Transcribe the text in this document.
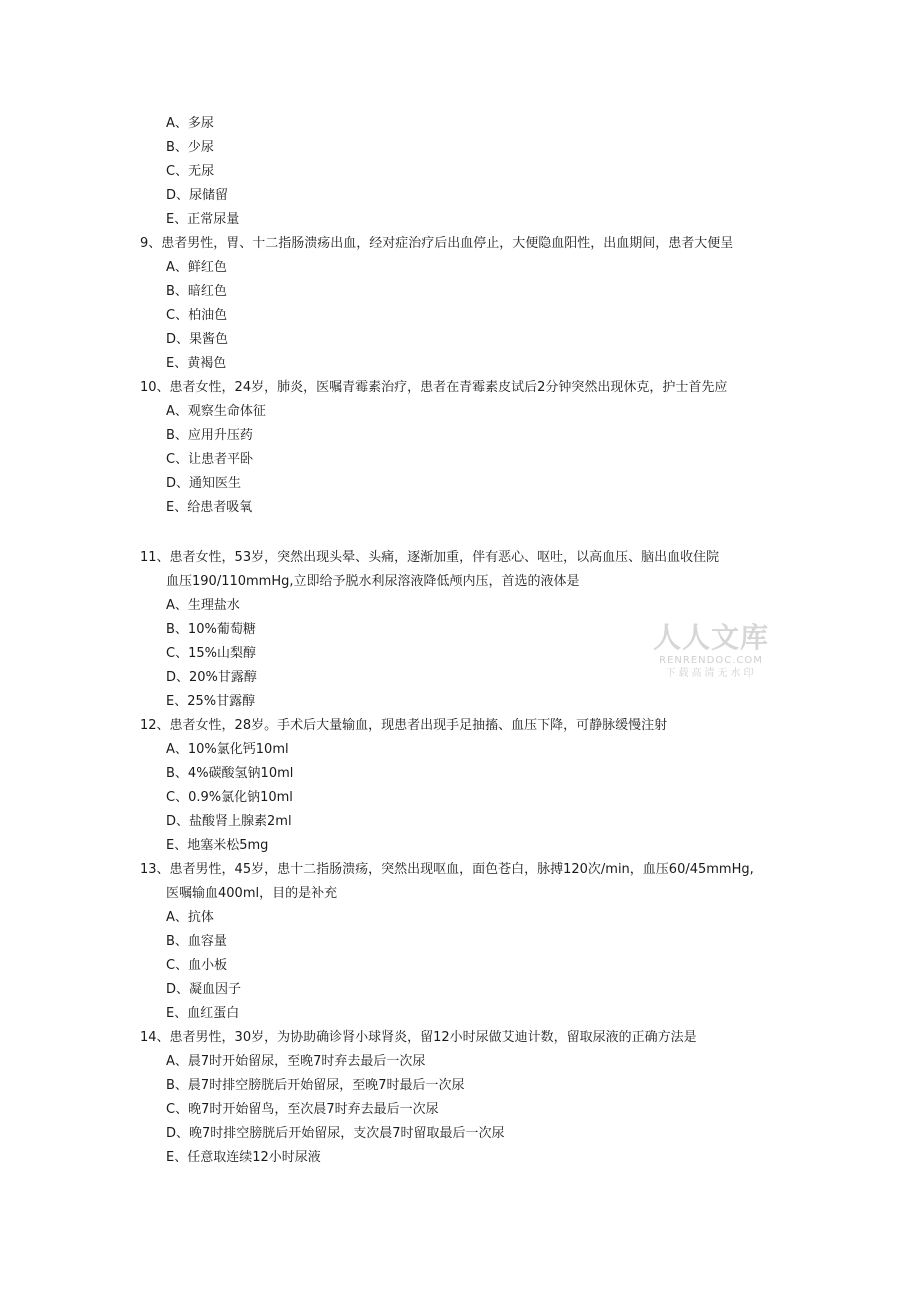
A、多尿
B、少尿
C、无尿
D、尿储留
E、正常尿量
9、患者男性，胃、十二指肠溃疡出血，经对症治疗后出血停止，大便隐血阳性，出血期间，患者大便呈
A、鲜红色
B、暗红色
C、柏油色
D、果酱色
E、黄褐色
10、患者女性，24岁，肺炎，医嘱青霉素治疗，患者在青霉素皮试后2分钟突然出现休克，护士首先应
A、观察生命体征
B、应用升压药
C、让患者平卧
D、通知医生
E、给患者吸氧
11、患者女性，53岁，突然出现头晕、头痛，逐渐加重，伴有恶心、呕吐，以高血压、脑出血收住院
血压190/110mmHg,立即给予脱水利尿溶液降低颅内压，首选的液体是
A、生理盐水
B、10%葡萄糖
C、15%山梨醇
D、20%甘露醇
E、25%甘露醇
12、患者女性，28岁。手术后大量输血，现患者出现手足抽搐、血压下降，可静脉缓慢注射
A、10%氯化钙10ml
B、4%碳酸氢钠10ml
C、0.9%氯化钠10ml
D、盐酸肾上腺素2ml
E、地塞米松5mg
13、患者男性，45岁，患十二指肠溃疡，突然出现呕血，面色苍白，脉搏120次/min，血压60/45mmHg,
医嘱输血400ml，目的是补充
A、抗体
B、血容量
C、血小板
D、凝血因子
E、血红蛋白
14、患者男性，30岁，为协助确诊肾小球肾炎，留12小时尿做艾迪计数，留取尿液的正确方法是
A、晨7时开始留尿，至晚7时弃去最后一次尿
B、晨7时排空膀胱后开始留尿，至晚7时最后一次尿
C、晚7时开始留鸟，至次晨7时弃去最后一次尿
D、晚7时排空膀胱后开始留尿，支次晨7时留取最后一次尿
E、任意取连续12小时尿液
人人文库
RENRENDOC.COM
下载高清无水印
